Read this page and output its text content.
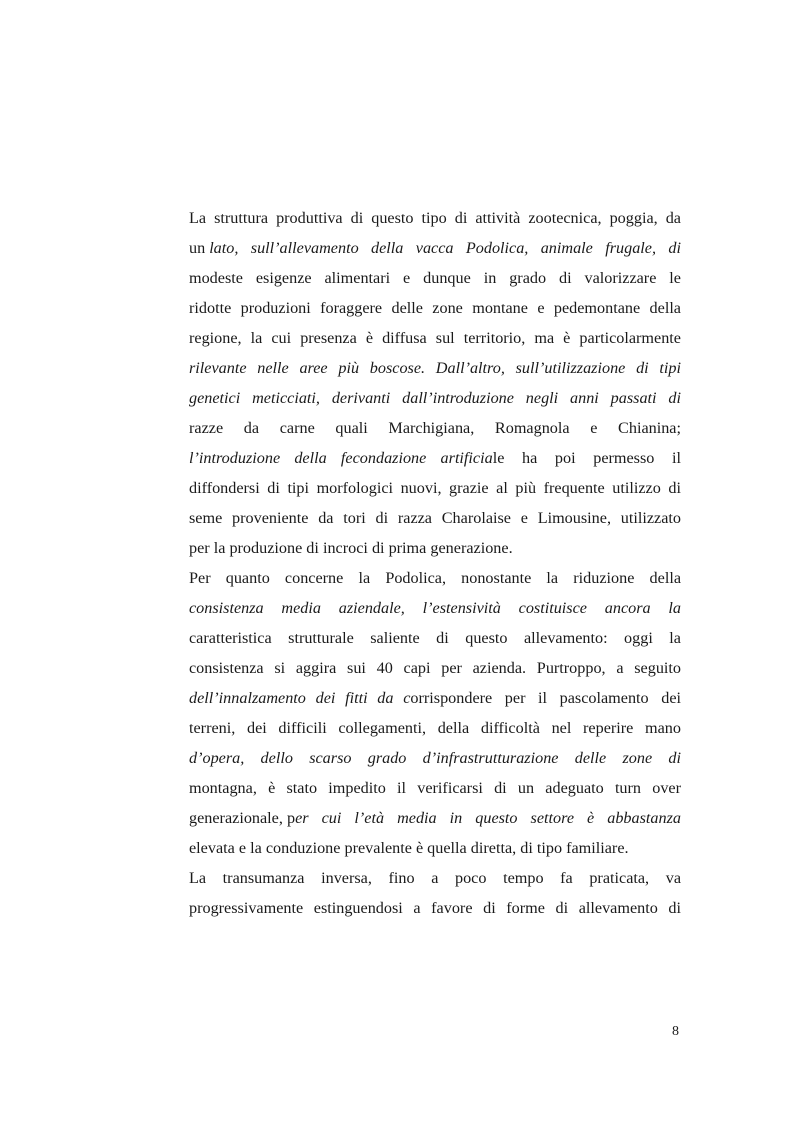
La struttura produttiva di questo tipo di attività zootecnica, poggia, da
un lato, sull’allevamento della vacca Podolica, animale frugale, di
modeste esigenze alimentari e dunque in grado di valorizzare le
ridotte produzioni foraggere delle zone montane e pedemontane della
regione, la cui presenza è diffusa sul territorio, ma è particolarmente
rilevante nelle aree più boscose. Dall’altro, sull’utilizzazione di tipi
genetici meticciati, derivanti dall’introduzione negli anni passati di
razze da carne quali Marchigiana, Romagnola e Chianina;
l’introduzione della fecondazione artificia le ha poi permesso il
diffondersi di tipi morfologici nuovi, grazie al più frequente utilizzo di
seme proveniente da tori di razza Charolaise e Limousine, utilizzato
per la produzione di incroci di prima generazione.
Per quanto concerne la Podolica, nonostante la riduzione della
consistenza media aziendale, l’estensività costituisce ancora la
caratteristica strutturale saliente di questo allevamento: oggi la
consistenza si aggira sui 40 capi per azienda. Purtroppo, a seguito
dell’innalzamento dei fitti da c orrispondere per il pascolamento dei
terreni, dei difficili collegamenti, della difficoltà nel reperire mano
d’opera, dello scarso grado d’infrastrutturazione delle zone di
montagna, è stato impedito il verificarsi di un adeguato turn over
generazionale, p er cui l’età media in questo settore è abbastanza
elevata e la conduzione prevalente è quella diretta, di tipo familiare.
La transumanza inversa, fino a poco tempo fa praticata, va
progressivamente estinguendosi a favore di forme di allevamento di
8
